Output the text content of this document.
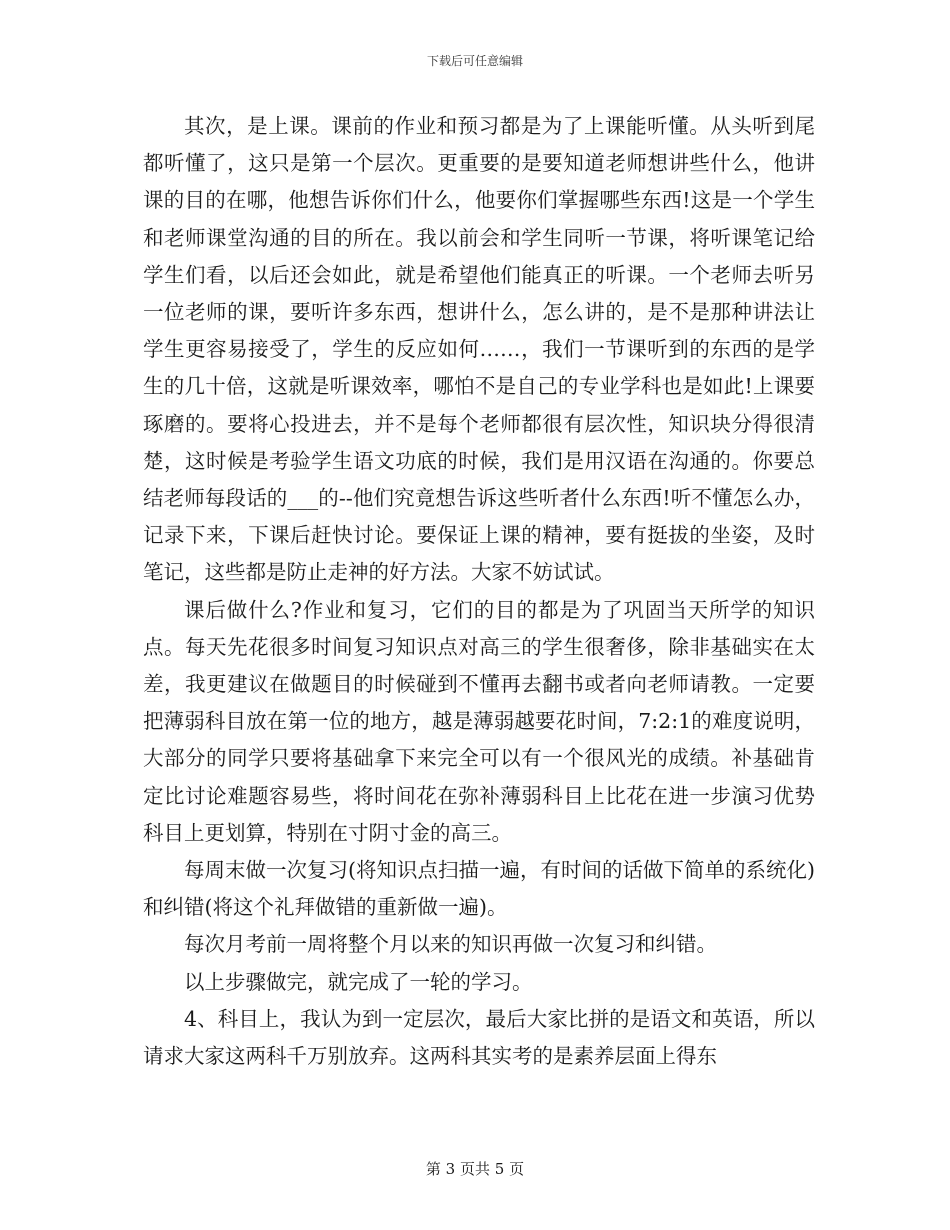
下载后可任意编辑

其次，是上课。课前的作业和预习都是为了上课能听懂。从头听到尾都听懂了，这只是第一个层次。更重要的是要知道老师想讲些什么，他讲课的目的在哪，他想告诉你们什么，他要你们掌握哪些东西!这是一个学生和老师课堂沟通的目的所在。我以前会和学生同听一节课，将听课笔记给学生们看，以后还会如此，就是希望他们能真正的听课。一个老师去听另一位老师的课，要听许多东西，想讲什么，怎么讲的，是不是那种讲法让学生更容易接受了，学生的反应如何……，我们一节课听到的东西的是学生的几十倍，这就是听课效率，哪怕不是自己的专业学科也是如此!上课要琢磨的。要将心投进去，并不是每个老师都很有层次性，知识块分得很清楚，这时候是考验学生语文功底的时候，我们是用汉语在沟通的。你要总结老师每段话的___的--他们究竟想告诉这些听者什么东西!听不懂怎么办，记录下来，下课后赶快讨论。要保证上课的精神，要有挺拔的坐姿，及时笔记，这些都是防止走神的好方法。大家不妨试试。

课后做什么?作业和复习，它们的目的都是为了巩固当天所学的知识点。每天先花很多时间复习知识点对高三的学生很奢侈，除非基础实在太差，我更建议在做题目的时候碰到不懂再去翻书或者向老师请教。一定要把薄弱科目放在第一位的地方，越是薄弱越要花时间，7:2:1的难度说明，大部分的同学只要将基础拿下来完全可以有一个很风光的成绩。补基础肯定比讨论难题容易些，将时间花在弥补薄弱科目上比花在进一步演习优势科目上更划算，特别在寸阴寸金的高三。

每周末做一次复习(将知识点扫描一遍，有时间的话做下简单的系统化)和纠错(将这个礼拜做错的重新做一遍)。

每次月考前一周将整个月以来的知识再做一次复习和纠错。

以上步骤做完，就完成了一轮的学习。

4、科目上，我认为到一定层次，最后大家比拼的是语文和英语，所以请求大家这两科千万别放弃。这两科其实考的是素养层面上得东

第 3 页共 5 页
